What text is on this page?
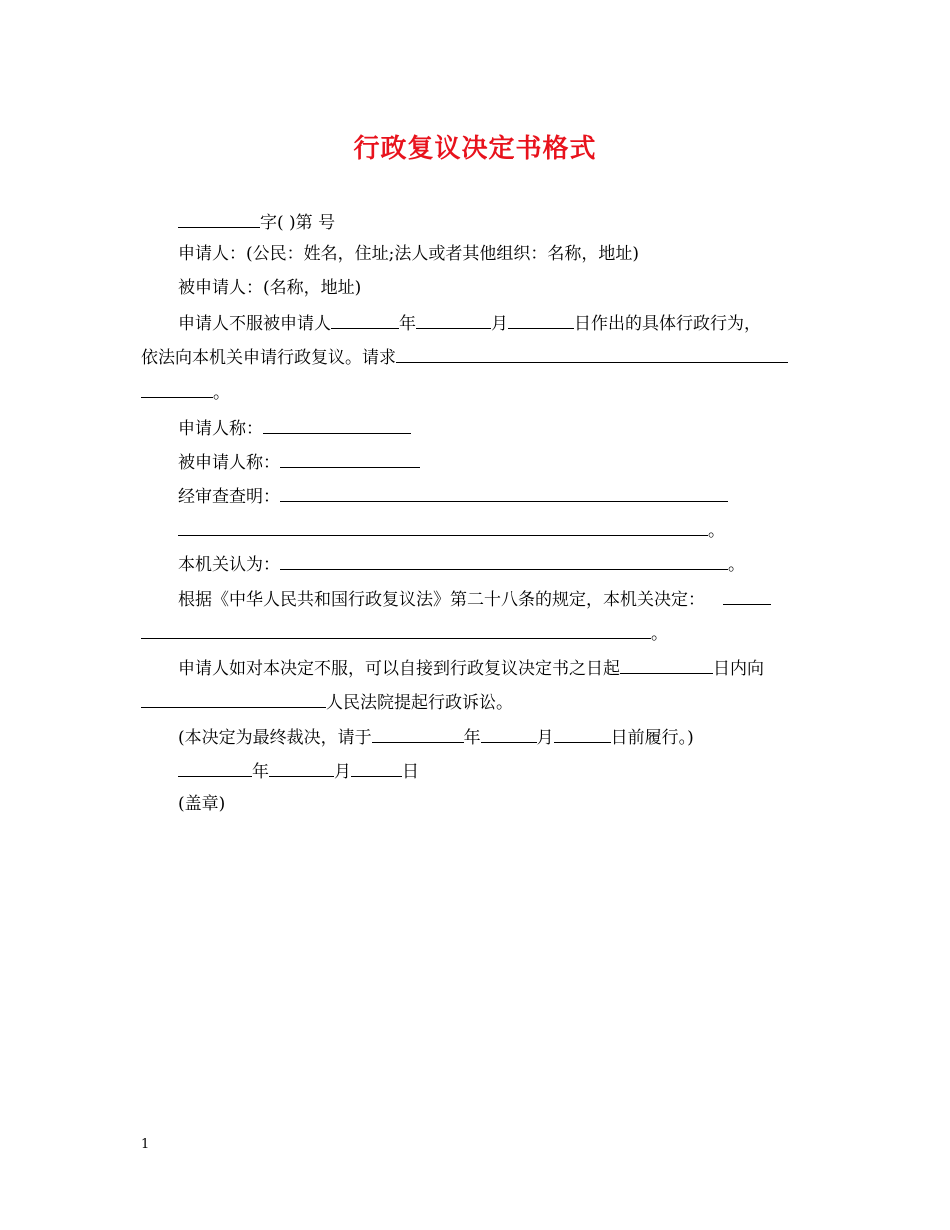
行政复议决定书格式
字( )第 号
申请人：(公民：姓名，住址;法人或者其他组织：名称，地址)
被申请人：(名称，地址)
申请人不服被申请人	年	月	日作出的具体行政行为，
依法向本机关申请行政复议。请求
。
申请人称：
被申请人称：
经审查查明：
。
本机关认为：	。
根据《中华人民共和国行政复议法》第二十八条的规定，本机关决定：
。
申请人如对本决定不服，可以自接到行政复议决定书之日起	日内向
人民法院提起行政诉讼。
(本决定为最终裁决，请于	年	月	日前履行。)
年	月	日
(盖章)
1
